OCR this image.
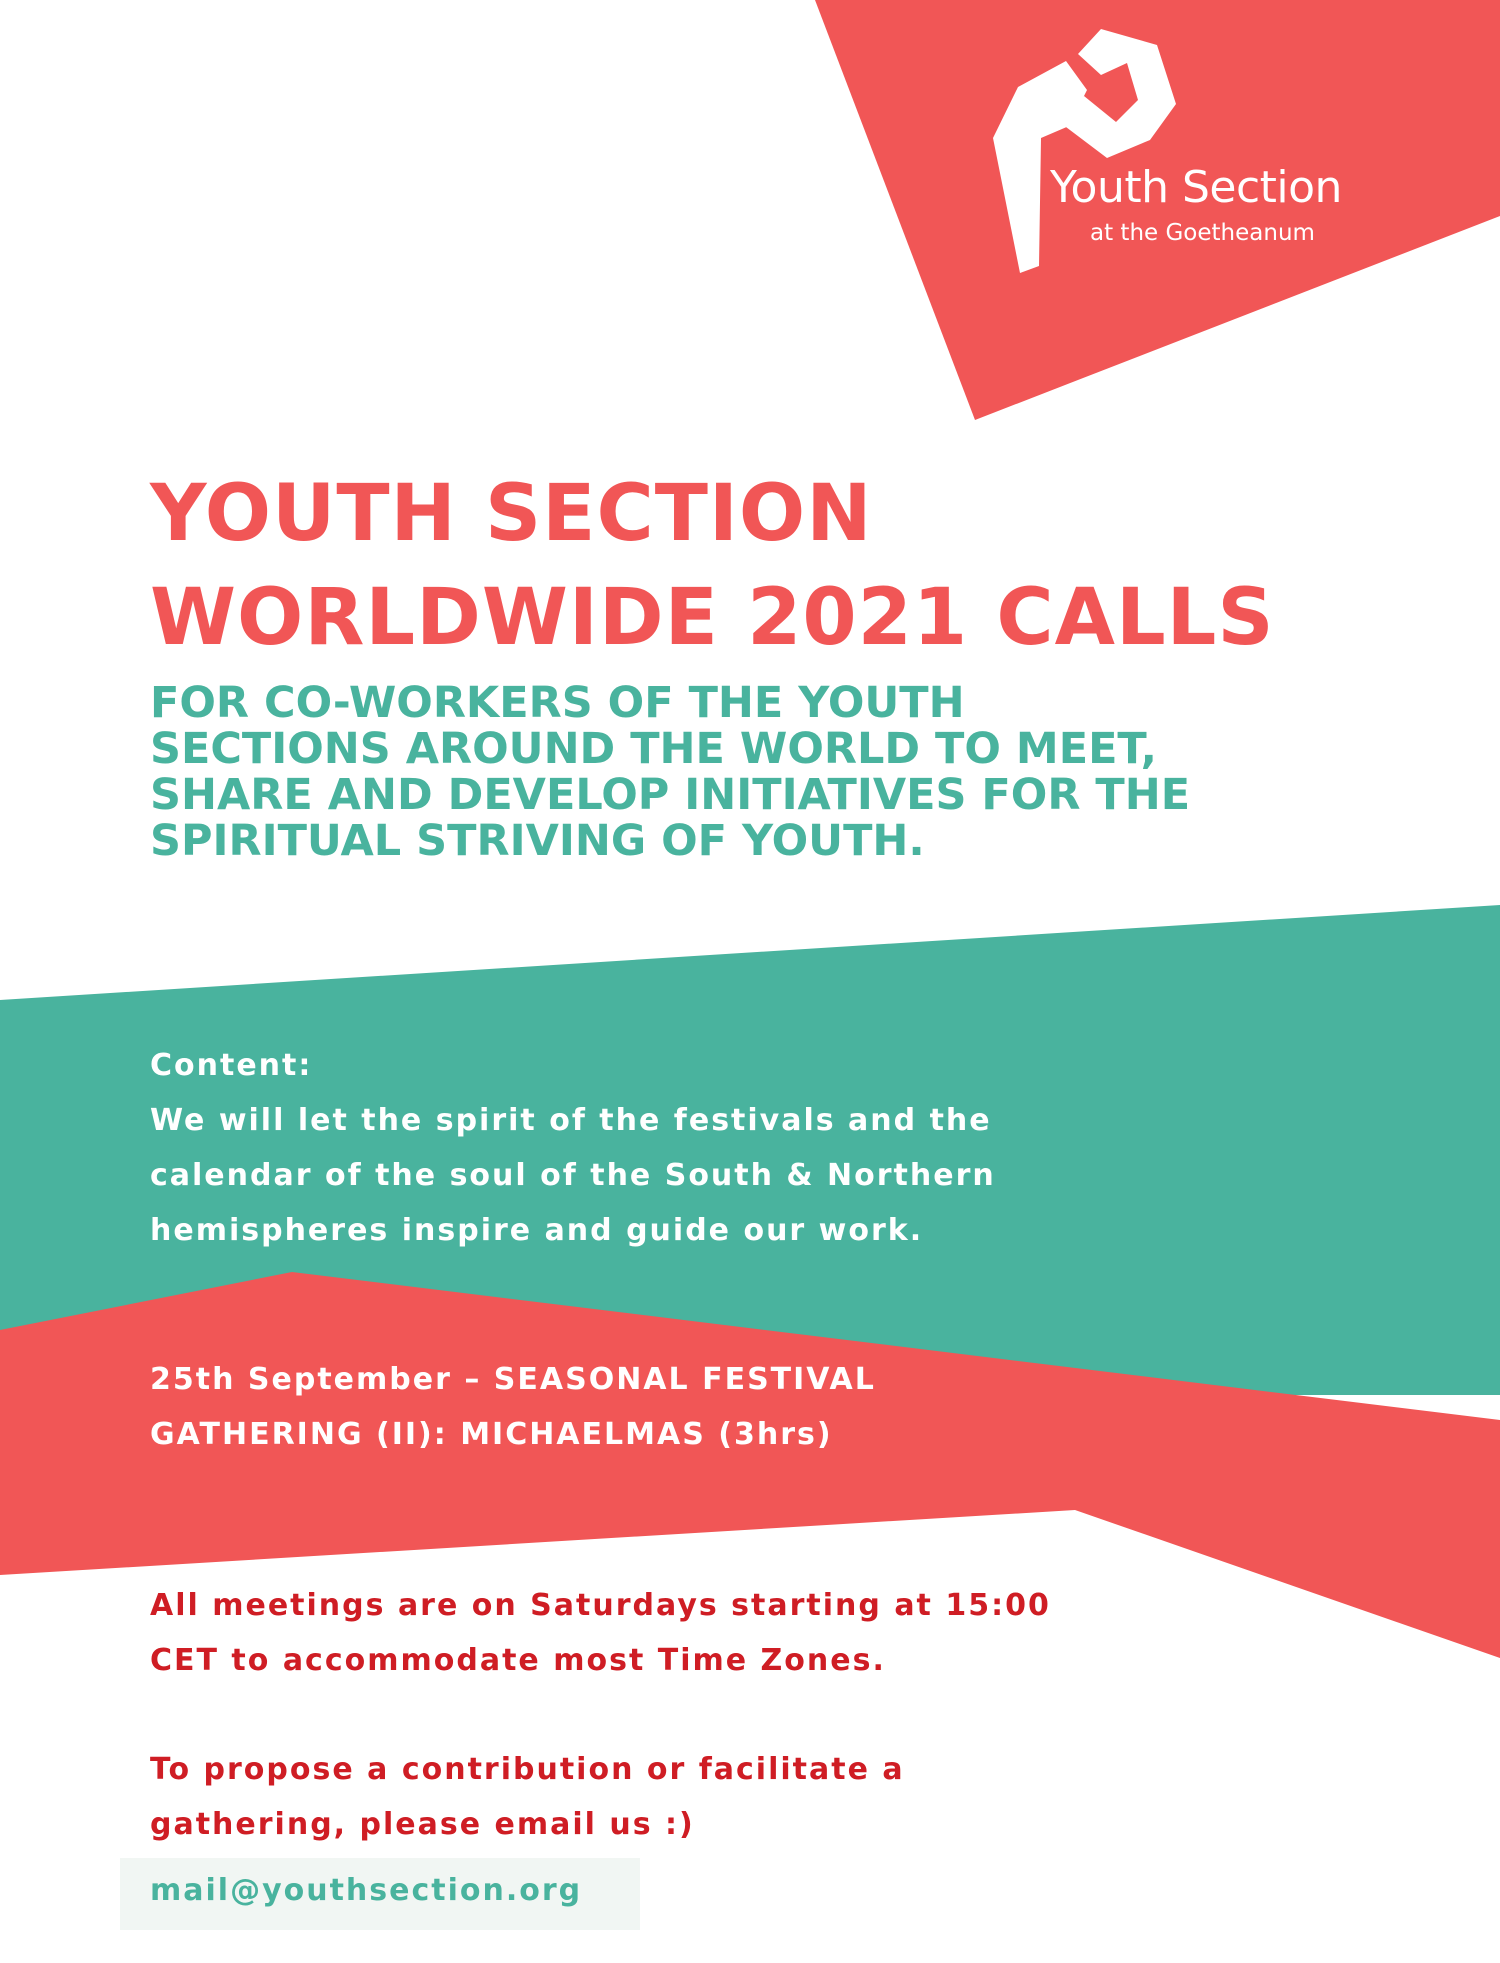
Youth Section
at the Goetheanum
YOUTH SECTION
WORLDWIDE 2021 CALLS
FOR CO-WORKERS OF THE YOUTH
SECTIONS AROUND THE WORLD TO MEET,
SHARE AND DEVELOP INITIATIVES FOR THE
SPIRITUAL STRIVING OF YOUTH.
Content:
We will let the spirit of the festivals and the
calendar of the soul of the South & Northern
hemispheres inspire and guide our work.
25th September – SEASONAL FESTIVAL
GATHERING (II): MICHAELMAS (3hrs)
All meetings are on Saturdays starting at 15:00
CET to accommodate most Time Zones.
To propose a contribution or facilitate a
gathering, please email us :)
mail@youthsection.org
